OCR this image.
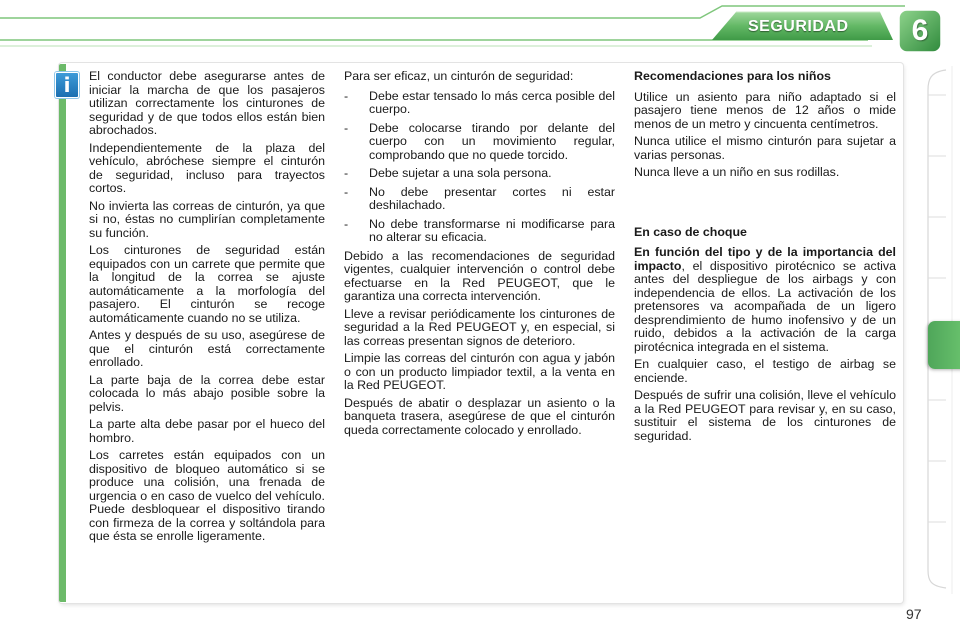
SEGURIDAD	6
i	El conductor debe asegurarse antes de iniciar la marcha de que los pasajeros utilizan correctamente los cinturones de seguridad y de que todos ellos están bien abrochados.

Independientemente de la plaza del vehículo, abróchese siempre el cinturón de seguridad, incluso para trayectos cortos.

No invierta las correas de cinturón, ya que si no, éstas no cumplirían completamente su función.

Los cinturones de seguridad están equipados con un carrete que permite que la longitud de la correa se ajuste automáticamente a la morfología del pasajero. El cinturón se recoge automáticamente cuando no se utiliza.

Antes y después de su uso, asegúrese de que el cinturón está correctamente enrollado.

La parte baja de la correa debe estar colocada lo más abajo posible sobre la pelvis.

La parte alta debe pasar por el hueco del hombro.

Los carretes están equipados con un dispositivo de bloqueo automático si se produce una colisión, una frenada de urgencia o en caso de vuelco del vehículo. Puede desbloquear el dispositivo tirando con firmeza de la correa y soltándola para que ésta se enrolle ligeramente.

Para ser eficaz, un cinturón de seguridad:

- Debe estar tensado lo más cerca posible del cuerpo.
- Debe colocarse tirando por delante del cuerpo con un movimiento regular, comprobando que no quede torcido.
- Debe sujetar a una sola persona.
- No debe presentar cortes ni estar deshilachado.
- No debe transformarse ni modificarse para no alterar su eficacia.

Debido a las recomendaciones de seguridad vigentes, cualquier intervención o control debe efectuarse en la Red PEUGEOT, que le garantiza una correcta intervención.

Lleve a revisar periódicamente los cinturones de seguridad a la Red PEUGEOT y, en especial, si las correas presentan signos de deterioro.

Limpie las correas del cinturón con agua y jabón o con un producto limpiador textil, a la venta en la Red PEUGEOT.

Después de abatir o desplazar un asiento o la banqueta trasera, asegúrese de que el cinturón queda correctamente colocado y enrollado.

Recomendaciones para los niños

Utilice un asiento para niño adaptado si el pasajero tiene menos de 12 años o mide menos de un metro y cincuenta centímetros.

Nunca utilice el mismo cinturón para sujetar a varias personas.

Nunca lleve a un niño en sus rodillas.

En caso de choque

En función del tipo y de la importancia del impacto, el dispositivo pirotécnico se activa antes del despliegue de los airbags y con independencia de ellos. La activación de los pretensores va acompañada de un ligero desprendimiento de humo inofensivo y de un ruido, debidos a la activación de la carga pirotécnica integrada en el sistema.

En cualquier caso, el testigo de airbag se enciende.

Después de sufrir una colisión, lleve el vehículo a la Red PEUGEOT para revisar y, en su caso, sustituir el sistema de los cinturones de seguridad.

97
